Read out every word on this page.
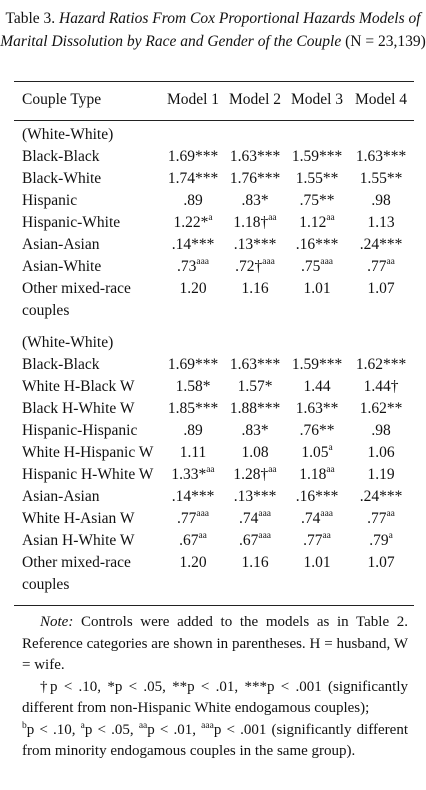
Table 3. Hazard Ratios From Cox Proportional Hazards Models of Marital Dissolution by Race and Gender of the Couple (N = 23,139)
Couple Type	Model 1 Model 2 Model 3 Model 4
(White-White)
Black-Black	1.69*** 1.63*** 1.59*** 1.63***
Black-White	1.74*** 1.76***	1.55**	1.55**
Hispanic	.89	.83*	.75**	.98
Hispanic-White	1.22*$^a$	1.18†$^{aa}$	1.12$^{aa}$	1.13
Asian-Asian	.14***	.13***	.16***	.24***
Asian-White	.73$^{aaa}$	.72†$^{aaa}$	.75$^{aaa}$	.77$^{aa}$
Other mixed-race	1.20	1.16	1.01	1.07
couples
(White-White)
Black-Black	1.69*** 1.63*** 1.59*** 1.62***
White H-Black W	1.58*	1.57*	1.44	1.44†
Black H-White W	1.85*** 1.88***	1.63**	1.62**
Hispanic-Hispanic	.89	.83*	.76**	.98
White H-Hispanic W	1.11	1.08	1.05$^a$	1.06
Hispanic H-White W	1.33*$^{aa}$	1.28†$^{aa}$	1.18$^{aa}$	1.19
Asian-Asian	.14***	.13***	.16***	.24***
White H-Asian W	.77$^{aaa}$	.74$^{aaa}$	.74$^{aaa}$	.77$^{aa}$
Asian H-White W	.67$^{aa}$	.67$^{aaa}$	.77$^{aa}$	.79$^a$
Other mixed-race	1.20	1.16	1.01	1.07
couples

Note: Controls were added to the models as in Table 2. Reference categories are shown in parentheses. H = husband, W = wife.

†p < .10, *p < .05, **p < .01, ***p < .001 (significantly different from non-Hispanic White endogamous couples);

$^b$p < .10, $^a$p < .05, $^{aa}$p < .01, $^{aaa}$p < .001 (significantly different from minority endogamous couples in the same group).
